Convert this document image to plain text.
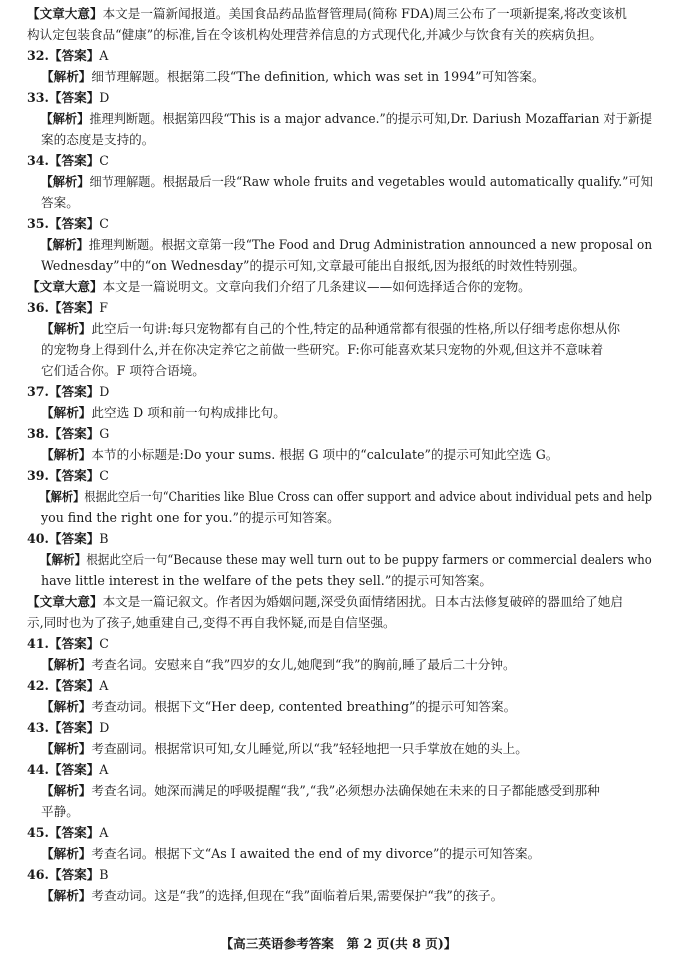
【文章大意】本文是一篇新闻报道。美国食品药品监督管理局(简称 FDA)周三公布了一项新提案,将改变该机
构认定包装食品“健康”的标准,旨在令该机构处理营养信息的方式现代化,并减少与饮食有关的疾病负担。
32.【答案】A
【解析】细节理解题。根据第二段“The definition, which was set in 1994”可知答案。
33.【答案】D
【解析】推理判断题。根据第四段“This is a major advance.”的提示可知,Dr. Dariush Mozaffarian 对于新提
案的态度是支持的。
34.【答案】C
【解析】细节理解题。根据最后一段“Raw whole fruits and vegetables would automatically qualify.”可知
答案。
35.【答案】C
【解析】推理判断题。根据文章第一段“The Food and Drug Administration announced a new proposal on
Wednesday”中的“on Wednesday”的提示可知,文章最可能出自报纸,因为报纸的时效性特别强。
【文章大意】本文是一篇说明文。文章向我们介绍了几条建议——如何选择适合你的宠物。
36.【答案】F
【解析】此空后一句讲:每只宠物都有自己的个性,特定的品种通常都有很强的性格,所以仔细考虑你想从你
的宠物身上得到什么,并在你决定养它之前做一些研究。F:你可能喜欢某只宠物的外观,但这并不意味着
它们适合你。F 项符合语境。
37.【答案】D
【解析】此空选 D 项和前一句构成排比句。
38.【答案】G
【解析】本节的小标题是:Do your sums. 根据 G 项中的“calculate”的提示可知此空选 G。
39.【答案】C
【解析】根据此空后一句“Charities like Blue Cross can offer support and advice about individual pets and help
you find the right one for you.”的提示可知答案。
40.【答案】B
【解析】根据此空后一句“Because these may well turn out to be puppy farmers or commercial dealers who
have little interest in the welfare of the pets they sell.”的提示可知答案。
【文章大意】本文是一篇记叙文。作者因为婚姻问题,深受负面情绪困扰。日本古法修复破碎的器皿给了她启
示,同时也为了孩子,她重建自己,变得不再自我怀疑,而是自信坚强。
41.【答案】C
【解析】考查名词。安慰来自“我”四岁的女儿,她爬到“我”的胸前,睡了最后二十分钟。
42.【答案】A
【解析】考查动词。根据下文“Her deep, contented breathing”的提示可知答案。
43.【答案】D
【解析】考查副词。根据常识可知,女儿睡觉,所以“我”轻轻地把一只手掌放在她的头上。
44.【答案】A
【解析】考查名词。她深而满足的呼吸提醒“我”,“我”必须想办法确保她在未来的日子都能感受到那种
平静。
45.【答案】A
【解析】考查名词。根据下文“As I awaited the end of my divorce”的提示可知答案。
46.【答案】B
【解析】考查动词。这是“我”的选择,但现在“我”面临着后果,需要保护“我”的孩子。
【高三英语参考答案　第 2 页(共 8 页)】
